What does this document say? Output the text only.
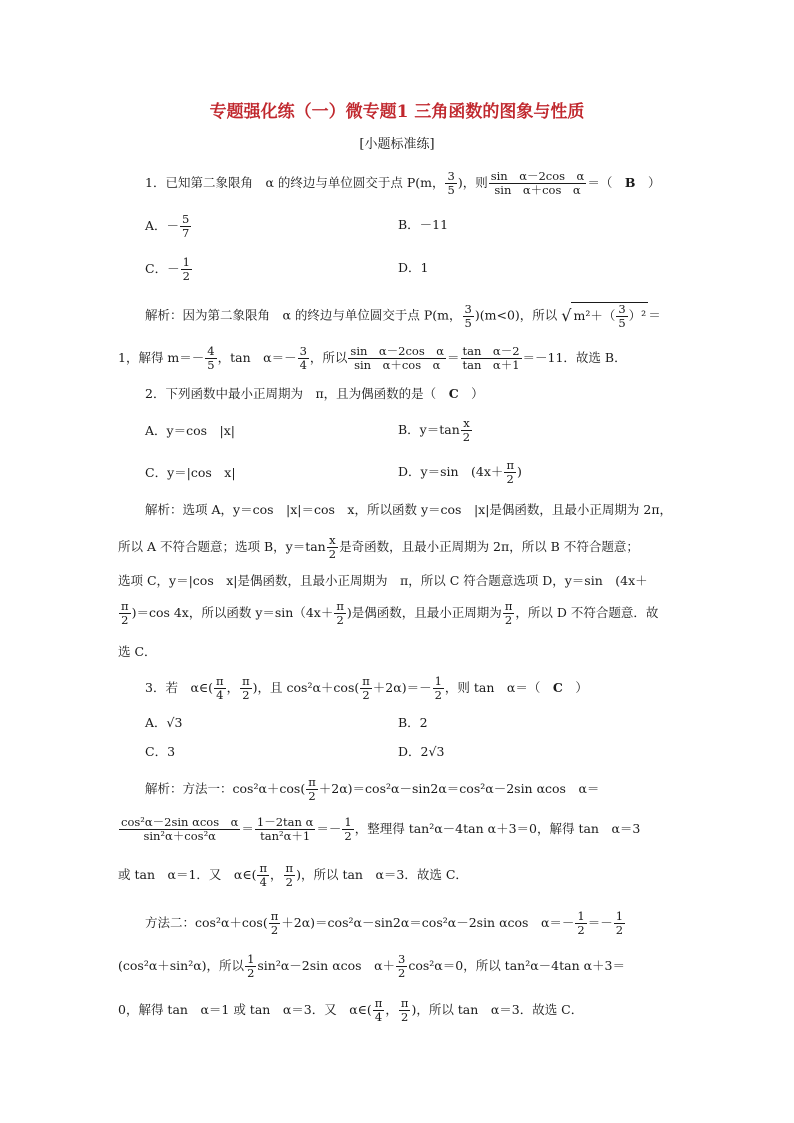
专题强化练（一）微专题1 三角函数的图象与性质
[小题标准练]
1．已知第二象限角　α 的终边与单位圆交于点 P(m， $\frac{3}{5}$ )，则 $\frac{\text{sin　α－2cos　α}}{\text{sin　α＋cos　α}}$ ＝（　 B　 ）
A．－ $\frac{5}{7}$	B．－11
C．－ $\frac{1}{2}$	D．1
解析：因为第二象限角　α 的终边与单位圆交于点 P(m， $\frac{3}{5} )(m<0)$，所以 √ $m^2+( \frac{3}{5} )^2$ ＝
1，解得 $m=- \frac{4}{5}$ ，tan　$\alpha=- \frac{3}{4}$ ，所以 $\frac{\text{sin　α－2cos　α}}{\text{sin　α＋cos　α}} = \frac{\text{tan　α－2}}{\text{tan　α＋1}} =-11$．故选 B．
2．下列函数中最小正周期为　π，且为偶函数的是（　 C　 ）
A．y＝cos　|x|	B．$y=\tan \frac{x}{2}$
C．y＝|cos　x|	D．y＝sin　($4x+ \frac{\pi}{2}$ )
解析：选项 A，y＝cos　|x|＝cos　x，所以函数 y＝cos　|x|是偶函数，且最小正周期为 2π，
所以 A 不符合题意；选项 B，$y=\tan \frac{x}{2}$ 是奇函数，且最小正周期为 2π，所以 B 不符合题意；
选项 C，y＝|cos　x|是偶函数，且最小正周期为　π，所以 C 符合题意选项 D，y＝sin　(4x＋
$\frac{\pi}{2} )=\cos$ 4x，所以函数 $y=\sin(4x+ \frac{\pi}{2}$ )是偶函数，且最小正周期为 $\frac{\pi}{2}$ ，所以 D 不符合题意．故
选 C．
3．若　α∈( $\frac{\pi}{4}$ ， $\frac{\pi}{2}$ )，且 $\cos^2\alpha+\cos( \frac{\pi}{2} +2\alpha)=- \frac{1}{2}$ ，则 tan　α＝（　 C　 ）
A．√3	B．2
C．3	D．2√3
解析：方法一：$\cos^2\alpha+\cos( \frac{\pi}{2} +2\alpha)=\cos^2\alpha-\sin 2\alpha=\cos^2\alpha-2\sin$ αcos　α＝
$\frac{\text{cos²α－2sin αcos　α}}{\text{sin²α＋cos²α}} = \frac{\text{1－2tan α}}{\text{tan²α＋1}} =- \frac{1}{2}$ ，整理得 tan²α－4tan α＋3＝0，解得 tan　α＝3
或 tan　α＝1．又　α∈( $\frac{\pi}{4}$ ， $\frac{\pi}{2}$ )，所以 tan　α＝3．故选 C．
方法二：$\cos^2\alpha+\cos( \frac{\pi}{2} +2\alpha)=\cos^2\alpha-\sin 2\alpha=\cos^2\alpha-2\sin$ αcos　$\alpha=- \frac{1}{2} =- \frac{1}{2}$
(cos²α＋sin²α)，所以 $\frac{1}{2} \sin^2\alpha-2\sin$ αcos　$\alpha+ \frac{3}{2} \cos^2\alpha=0$，所以 tan²α－4tan α＋3＝
0，解得 tan　α＝1 或 tan　α＝3．又　α∈( $\frac{\pi}{4}$ ， $\frac{\pi}{2}$ )，所以 tan　α＝3．故选 C．
